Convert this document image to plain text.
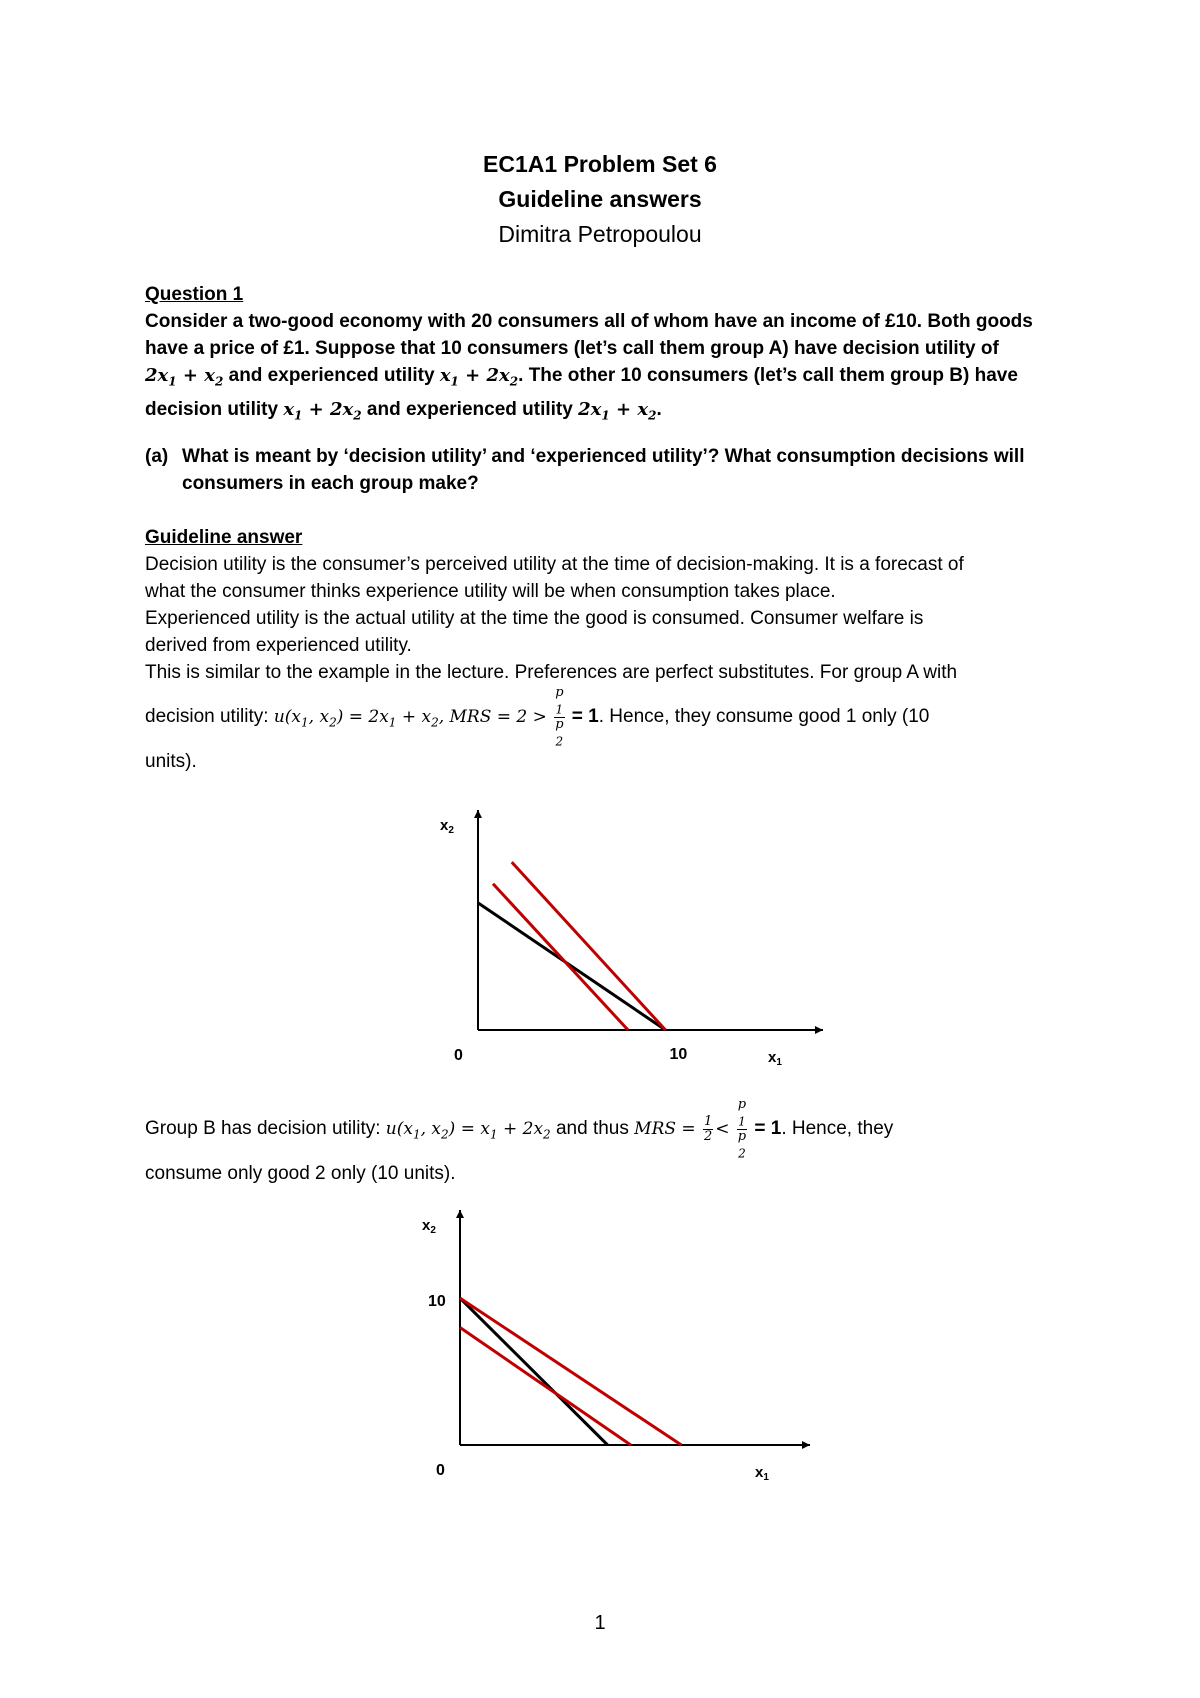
EC1A1 Problem Set 6
Guideline answers
Dimitra Petropoulou
Question 1
Consider a two-good economy with 20 consumers all of whom have an income of £10. Both goods
have a price of £1. Suppose that 10 consumers (let’s call them group A) have decision utility of
$2x_1 + x_2$ and experienced utility $x_1 + 2x_2$. The other 10 consumers (let’s call them group B) have
decision utility $x_1 + 2x_2$ and experienced utility $2x_1 + x_2$.
(a) What is meant by ‘decision utility’ and ‘experienced utility’? What consumption decisions will
consumers in each group make?
Guideline answer
Decision utility is the consumer’s perceived utility at the time of decision-making. It is a forecast of
what the consumer thinks experience utility will be when consumption takes place.
Experienced utility is the actual utility at the time the good is consumed. Consumer welfare is
derived from experienced utility.
This is similar to the example in the lecture. Preferences are perfect substitutes. For group A with
decision utility: $u(x_1$, $x_2) = 2x_1 + x_2$, MRS = 2 > p
$_1$
p
$_2$ = 1. Hence, they consume good 1 only (10
units).
$x_2$
$x_1$
0	10
Group B has decision utility: $u(x_1$, $x_2) = x_1 + 2x_2$ and thus MRS = $\frac{1}{2} < p$
$_1$
p
$_2$ = 1. Hence, they
consume only good 2 only (10 units).
$x_2$
$x_1$
0
10
1
